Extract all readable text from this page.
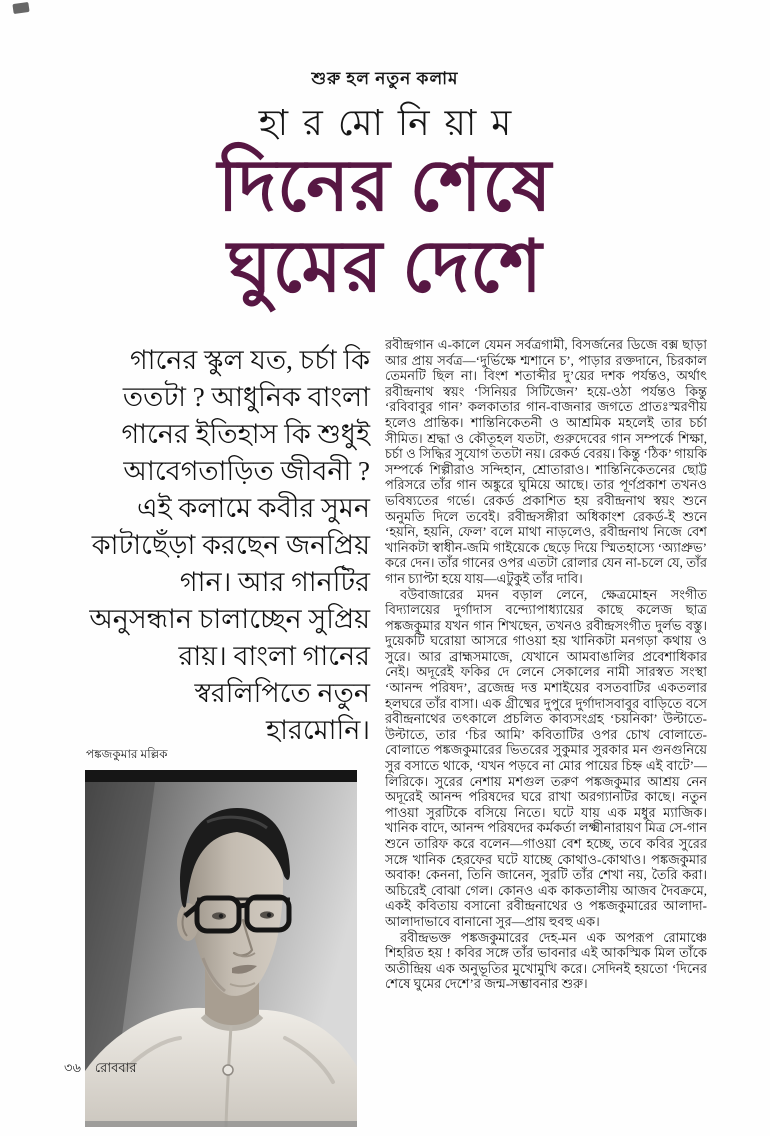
শুরু হল নতুন কলাম
হা র মো নি য়া ম
দিনের শেষে
ঘুমের দেশে
গানের স্কুল যত, চর্চা কি ততটা ? আধুনিক বাংলা গানের ইতিহাস কি শুধুই আবেগতাড়িত জীবনী ? এই কলামে কবীর সুমন কাটাছেঁড়া করছেন জনপ্রিয় গান। আর গানটির অনুসন্ধান চালাচ্ছেন সুপ্রিয় রায়। বাংলা গানের স্বরলিপিতে নতুন হারমোনি।
পঙ্কজকুমার মল্লিক

রবীন্দ্রগান এ-কালে যেমন সর্বত্রগামী, বিসর্জনের ডিজে বক্স ছাড়া আর প্রায় সর্বত্র—‘দুর্ভিক্ষে শ্মশানে চ’, পাড়ার রক্তদানে, চিরকাল তেমনটি ছিল না। বিংশ শতাব্দীর দু’য়ের দশক পর্যন্তও, অর্থাৎ রবীন্দ্রনাথ স্বয়ং ‘সিনিয়র সিটিজেন’ হয়ে-ওঠা পর্যন্তও কিন্তু ‘রবিবাবুর গান’ কলকাতার গান-বাজনার জগতে প্রাতঃস্মরণীয় হলেও প্রান্তিক। শান্তিনিকেতনী ও আশ্রমিক মহলেই তার চর্চা সীমিত। শ্রদ্ধা ও কৌতূহল যতটা, গুরুদেবের গান সম্পর্কে শিক্ষা, চর্চা ও সিদ্ধির সুযোগ ততটা নয়। রেকর্ড বেরয়। কিন্তু ‘ঠিক’ গায়কি সম্পর্কে শিল্পীরাও সন্দিহান, শ্রোতারাও। শান্তিনিকেতনের ছোট্ট পরিসরে তাঁর গান অঙ্কুরে ঘুমিয়ে আছে। তার পূর্ণপ্রকাশ তখনও ভবিষ্যতের গর্ভে। রেকর্ড প্রকাশিত হয় রবীন্দ্রনাথ স্বয়ং শুনে অনুমতি দিলে তবেই। রবীন্দ্রসঙ্গীরা অধিকাংশ রেকর্ড-ই শুনে ‘হয়নি, হয়নি, ফেল’ বলে মাথা নাড়লেও, রবীন্দ্রনাথ নিজে বেশ খানিকটা স্বাধীন-জমি গাইয়েকে ছেড়ে দিয়ে স্মিতহাস্যে ‘অ্যাপ্রুভ’ করে দেন। তাঁর গানের ওপর এতটা রোলার যেন না-চলে যে, তাঁর গান চ্যাপ্টা হয়ে যায়—এটুকুই তাঁর দাবি।

বউবাজারের মদন বড়াল লেনে, ক্ষেত্রমোহন সংগীত বিদ্যালয়ের দুর্গাদাস বন্দ্যোপাধ্যায়ের কাছে কলেজ ছাত্র পঙ্কজকুমার যখন গান শিখছেন, তখনও রবীন্দ্রসংগীত দুর্লভ বস্তু। দুয়েকটি ঘরোয়া আসরে গাওয়া হয় খানিকটা মনগড়া কথায় ও সুরে। আর ব্রাহ্মসমাজে, যেখানে আমবাঙালির প্রবেশাধিকার নেই। অদূরেই ফকির দে লেনে সেকালের নামী সারস্বত সংস্থা ‘আনন্দ পরিষদ’, ব্রজেন্দ্র দত্ত মশাইয়ের বসতবাটির একতলার হলঘরে তাঁর বাসা। এক গ্রীষ্মের দুপুরে দুর্গাদাসবাবুর বাড়িতে বসে রবীন্দ্রনাথের তৎকালে প্রচলিত কাব্যসংগ্রহ ‘চয়নিকা’ উল্টাতে-উল্টাতে, তার ‘চির আমি’ কবিতাটির ওপর চোখ বোলাতে-বোলাতে পঙ্কজকুমারের ভিতরের সুকুমার সুরকার মন গুনগুনিয়ে সুর বসাতে থাকে, ‘যখন পড়বে না মোর পায়ের চিহ্ন এই বাটে’—লিরিকে। সুরের নেশায় মশগুল তরুণ পঙ্কজকুমার আশ্রয় নেন অদূরেই আনন্দ পরিষদের ঘরে রাখা অরগ্যানটির কাছে। নতুন পাওয়া সুরটিকে বসিয়ে নিতে। ঘটে যায় এক মধুর ম্যাজিক। খানিক বাদে, আনন্দ পরিষদের কর্মকর্তা লক্ষ্মীনারায়ণ মিত্র সে-গান শুনে তারিফ করে বলেন—গাওয়া বেশ হচ্ছে, তবে কবির সুরের সঙ্গে খানিক হেরফের ঘটে যাচ্ছে কোথাও-কোথাও। পঙ্কজকুমার অবাক! কেননা, তিনি জানেন, সুরটি তাঁর শেখা নয়, তৈরি করা। অচিরেই বোঝা গেল। কোনও এক কাকতালীয় আজব দৈবক্রমে, একই কবিতায় বসানো রবীন্দ্রনাথের ও পঙ্কজকুমারের আলাদা-আলাদাভাবে বানানো সুর—প্রায় হুবহু এক।

রবীন্দ্রভক্ত পঙ্কজকুমারের দেহ-মন এক অপরূপ রোমাঞ্চে শিহরিত হয় ! কবির সঙ্গে তাঁর ভাবনার এই আকস্মিক মিল তাঁকে অতীন্দ্রিয় এক অনুভূতির মুখোমুখি করে। সেদিনই হয়তো ‘দিনের শেষে ঘুমের দেশে’র জন্ম-সম্ভাবনার শুরু।

৩৬ রোববার
